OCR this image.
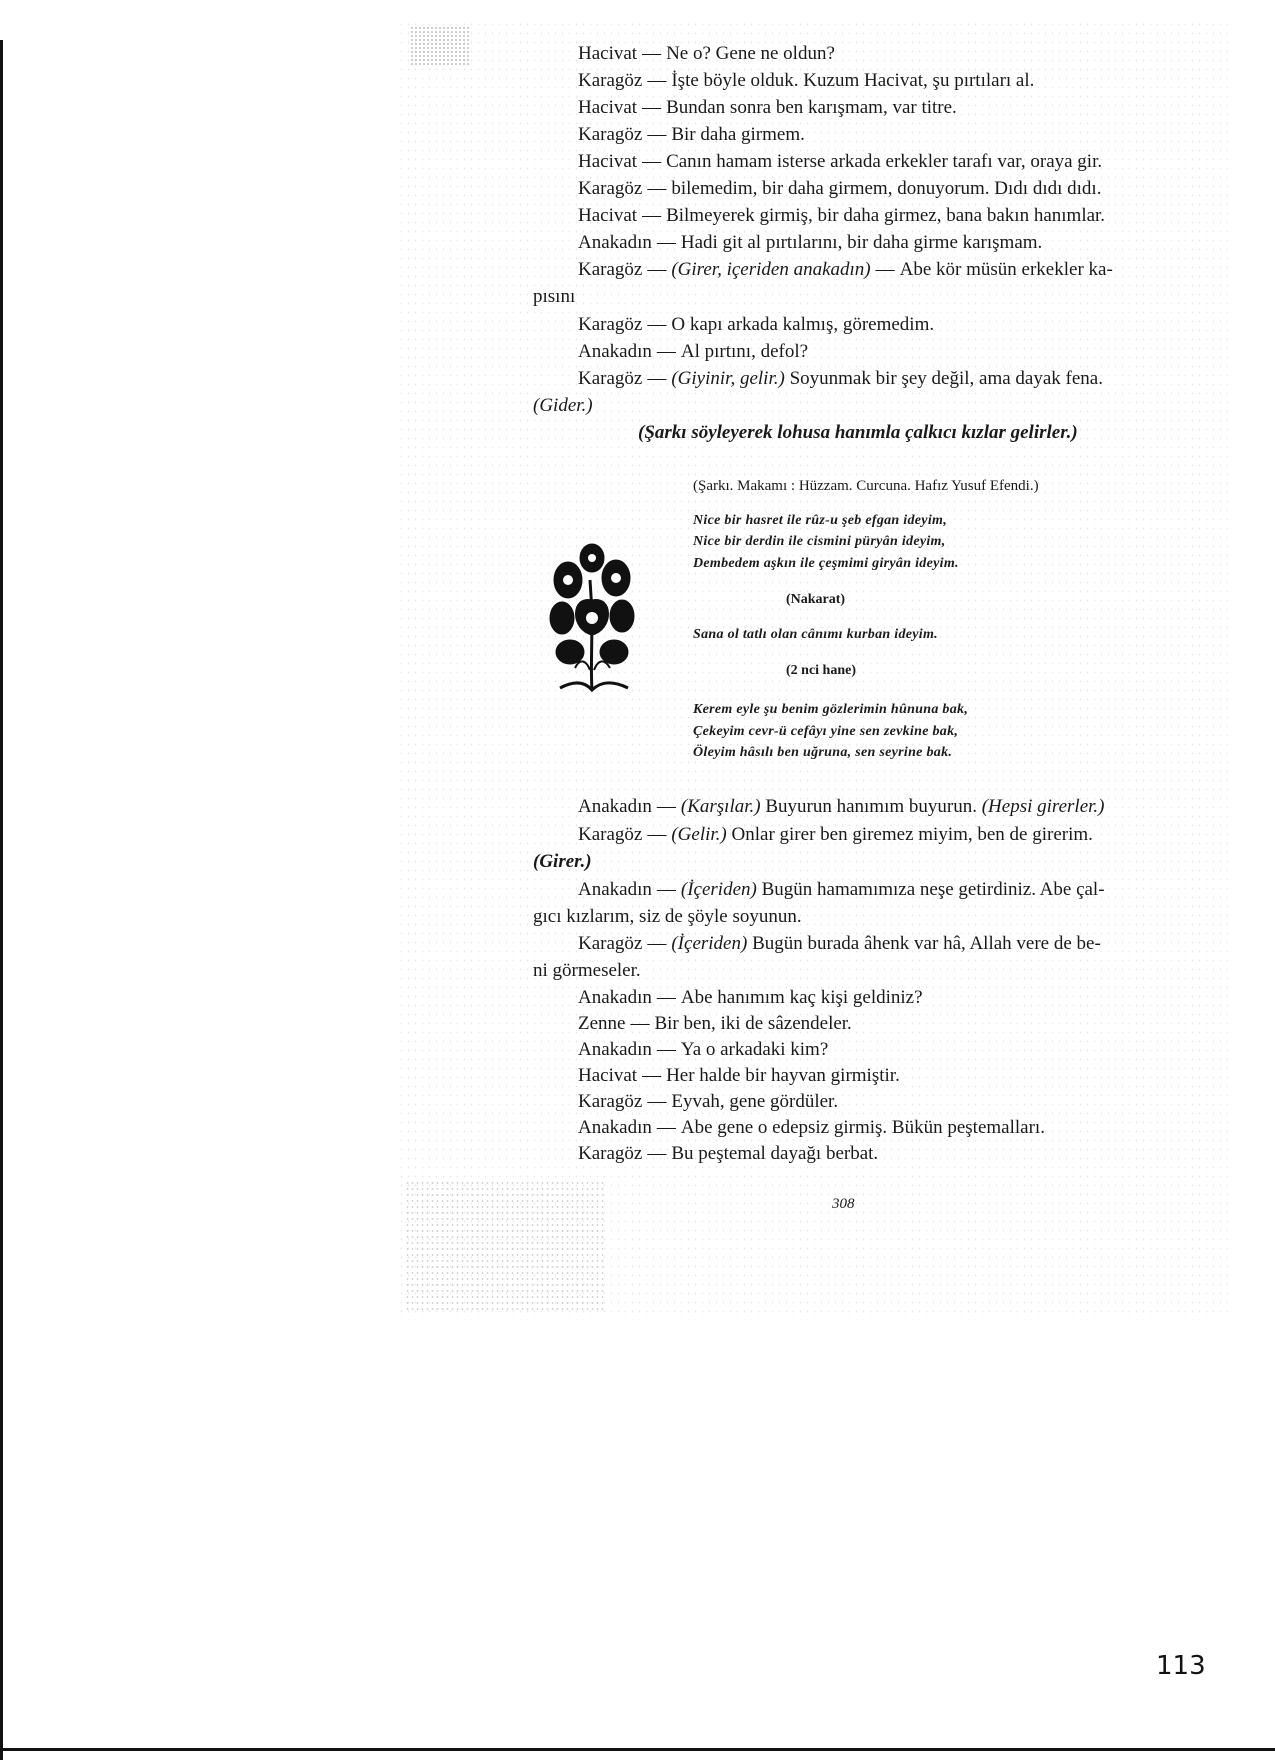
Hacivat — Ne o? Gene ne oldun?
Karagöz — İşte böyle olduk. Kuzum Hacivat, şu pırtıları al.
Hacivat — Bundan sonra ben karışmam, var titre.
Karagöz — Bir daha girmem.
Hacivat — Canın hamam isterse arkada erkekler tarafı var, oraya gir.
Karagöz — bilemedim, bir daha girmem, donuyorum. Dıdı dıdı dıdı.
Hacivat — Bilmeyerek girmiş, bir daha girmez, bana bakın hanımlar.
Anakadın — Hadi git al pırtılarını, bir daha girme karışmam.
Karagöz — (Girer, içeriden anakadın) — Abe kör müsün erkekler ka-
pısını
Karagöz — O kapı arkada kalmış, göremedim.
Anakadın — Al pırtını, defol?
Karagöz — (Giyinir, gelir.) Soyunmak bir şey değil, ama dayak fena.
(Gider.)
Anakadın — (Karşılar.) Buyurun hanımım buyurun. (Hepsi girerler.)
Karagöz — (Gelir.) Onlar girer ben giremez miyim, ben de girerim.
(Girer.)
Anakadın — (İçeriden) Bugün hamamımıza neşe getirdiniz. Abe çal-
gıcı kızlarım, siz de şöyle soyunun.
Karagöz — (İçeriden) Bugün burada âhenk var hâ, Allah vere de be-
ni görmeseler.
Anakadın — Abe hanımım kaç kişi geldiniz?
Zenne — Bir ben, iki de sâzendeler.
Anakadın — Ya o arkadaki kim?
Hacivat — Her halde bir hayvan girmiştir.
Karagöz — Eyvah, gene gördüler.
Anakadın — Abe gene o edepsiz girmiş. Bükün peştemalları.
Karagöz — Bu peştemal dayağı berbat.
(Şarkı söyleyerek lohusa hanımla çalkıcı kızlar gelirler.)
(Şarkı. Makamı : Hüzzam. Curcuna. Hafız Yusuf Efendi.)
Nice bir hasret ile rûz-u şeb efgan ideyim,
Nice bir derdin ile cismini püryân ideyim,
Dembedem aşkın ile çeşmimi giryân ideyim.
(Nakarat)
Sana ol tatlı olan cânımı kurban ideyim.
(2 nci hane)
Kerem eyle şu benim gözlerimin hûnuna bak,
Çekeyim cevr-ü cefâyı yine sen zevkine bak,
Öleyim hâsılı ben uğruna, sen seyrine bak.
308
113
